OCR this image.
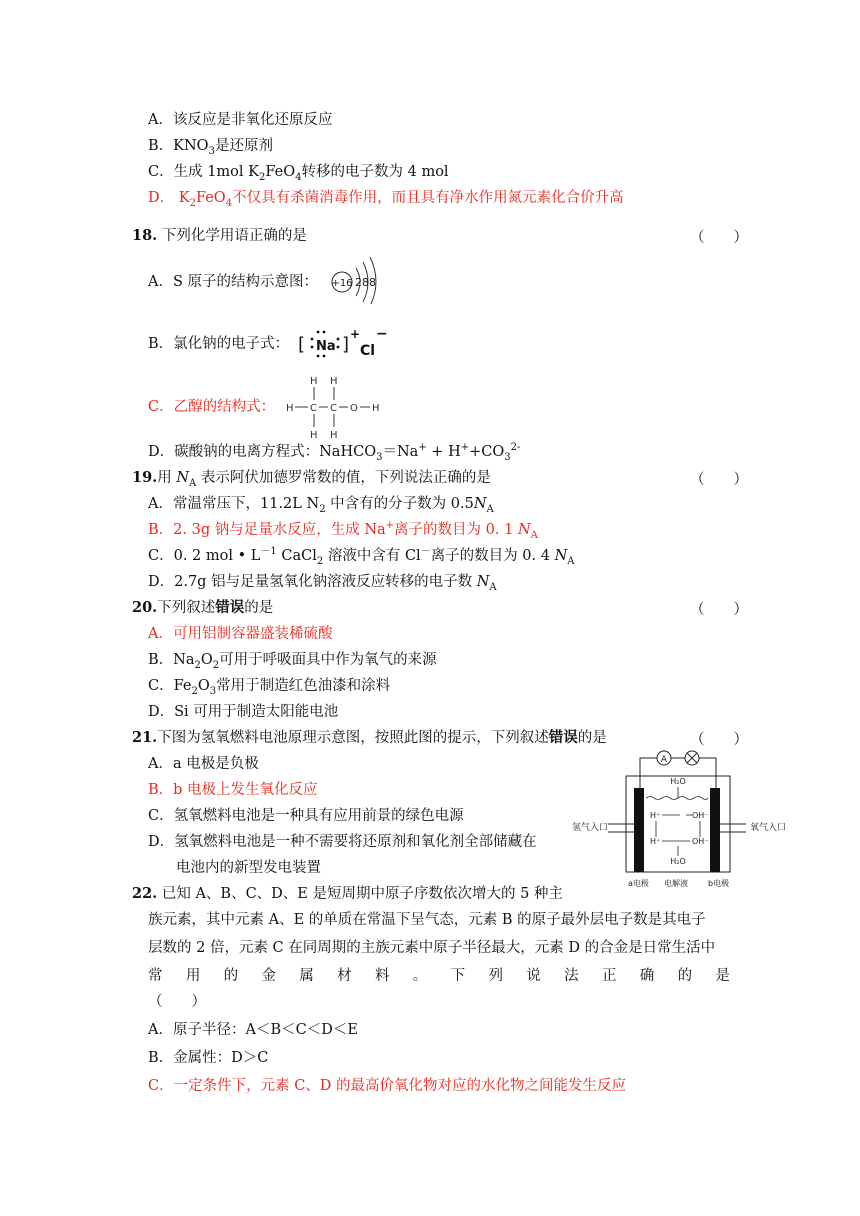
A．该反应是非氧化还原反应
B．$KNO_3$是还原剂
C．生成 1mol $K_2FeO_4$转移的电子数为 4 mol
D． $K_2FeO_4$不仅具有杀菌消毒作用，而且具有净水作用氮元素化合价升高
18. 下列化学用语正确的是	（　　）
A．S 原子的结构示意图： +16 288
B．氯化钠的电子式： [ Na ] +
Cl
−
C．乙醇的结构式：
H H
H C C O H
H H
D．碳酸钠的电离方程式：NaHCO$_3$＝Na+ + $H^++CO_3^{2-}$
19.用 $N_A$ 表示阿伏加德罗常数的值，下列说法正确的是	（　　）
A．常温常压下，11.2L $N_2$ 中含有的分子数为 $0.5N_A$
B．2. 3g 钠与足量水反应，生成 Na+离子的数目为 0. 1 $N_A$
C．0. 2 mol • $L^{-1}$ CaCl$_2$ 溶液中含有 Cl－离子的数目为 0. 4 $N_A$
D．2.7g 铝与足量氢氧化钠溶液反应转移的电子数 $N_A$
20.下列叙述错误的是	（　　）
A．可用铝制容器盛装稀硫酸
B．$Na_2O_2$可用于呼吸面具中作为氧气的来源
C．$Fe_2O_3$常用于制造红色油漆和涂料
D．Si 可用于制造太阳能电池
21.下图为氢氧燃料电池原理示意图，按照此图的提示，下列叙述错误的是	（　　）
A．a 电极是负极
B．b 电极上发生氧化反应
C．氢氧燃料电池是一种具有应用前景的绿色电源
D．氢氧燃料电池是一种不需要将还原剂和氧化剂全部储藏在
电池内的新型发电装置
A
H₂O
H⁺	OH⁻
H⁺	OH⁻
H₂O
氢气入口	氧气入口
a电极 电解液	b电极
22. 已知 A、B、C、D、E 是短周期中原子序数依次增大的 5 种主
族元素，其中元素 A、E 的单质在常温下呈气态，元素 B 的原子最外层电子数是其电子
层数的 2 倍，元素 C 在同周期的主族元素中原子半径最大，元素 D 的合金是日常生活中
常 用 的 金 属 材 料 。 下 列 说 法 正 确 的 是
（　　）
A．原子半径：A＜B＜C＜D＜E
B．金属性：D＞C
C．一定条件下，元素 C、D 的最高价氧化物对应的水化物之间能发生反应
